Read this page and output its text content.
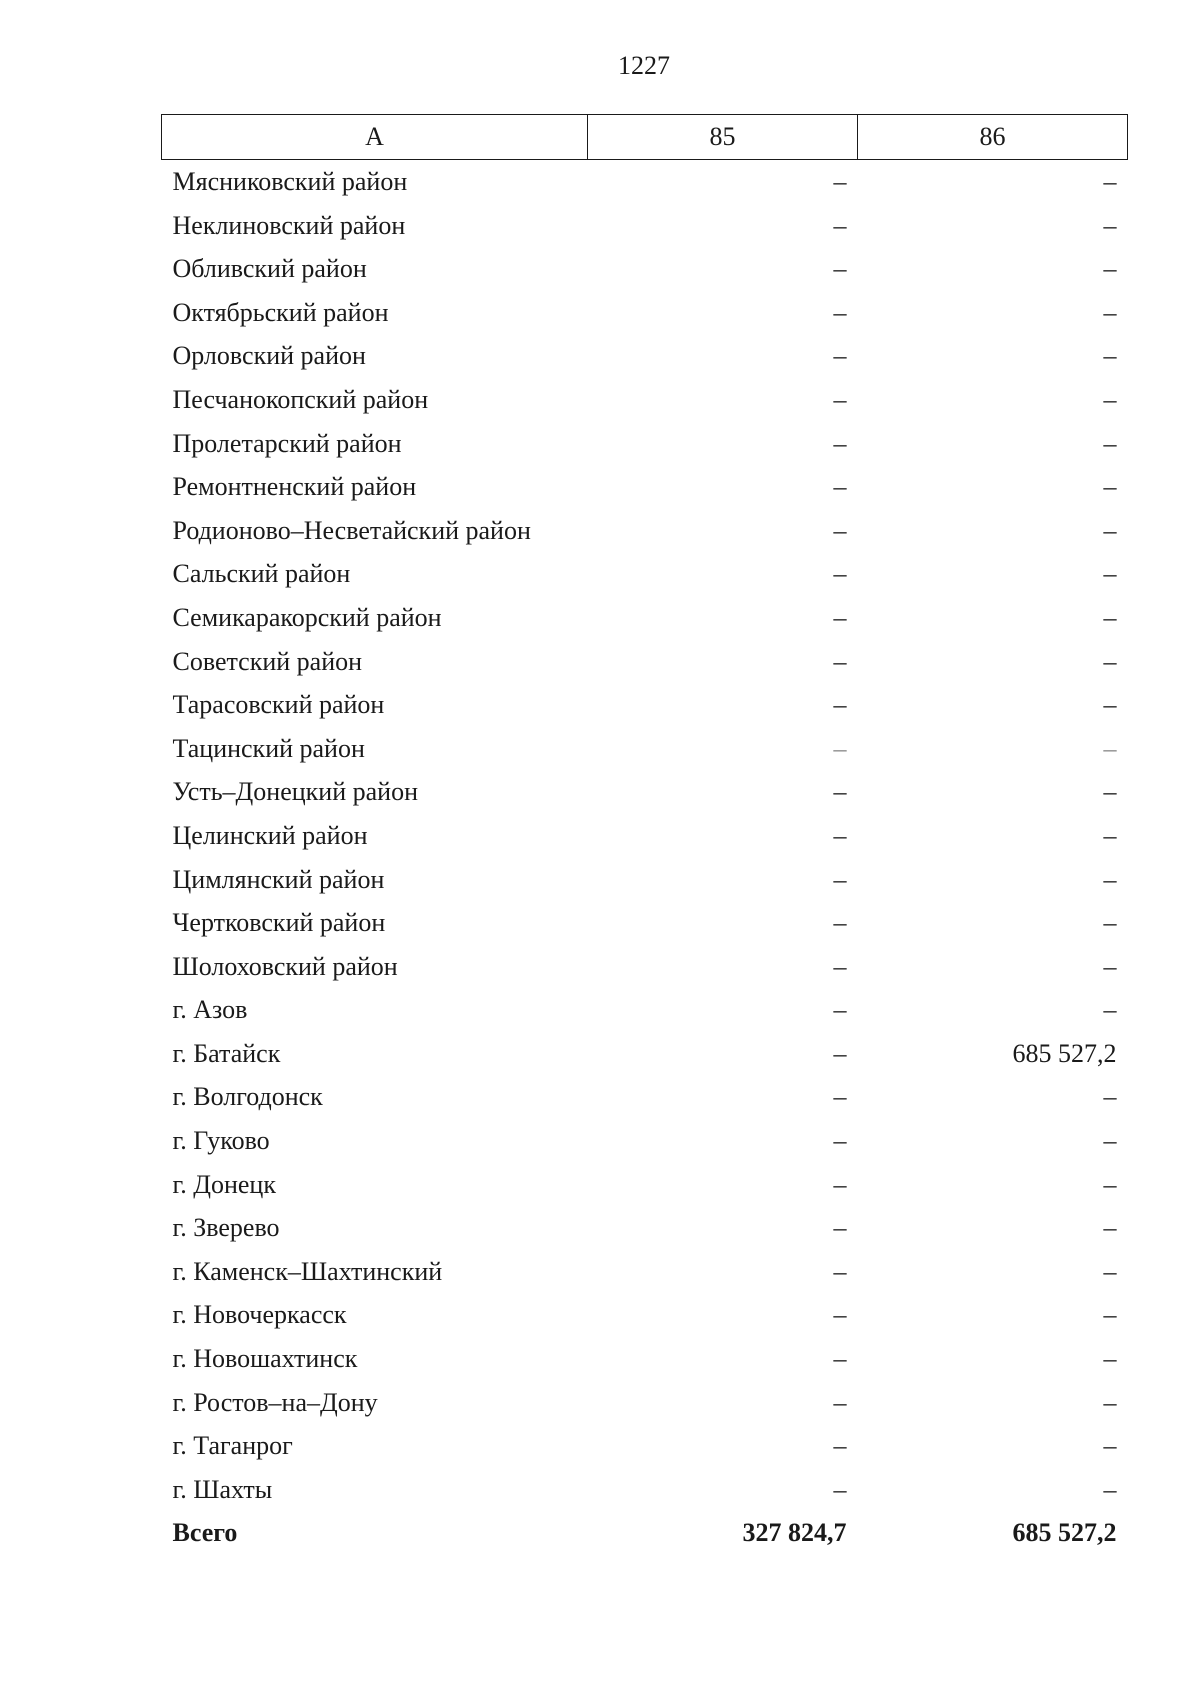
1227
А	85	86
Мясниковский район	–	–
Неклиновский район	–	–
Обливский район	–	–
Октябрьский район	–	–
Орловский район	–	–
Песчанокопский район	–	–
Пролетарский район	–	–
Ремонтненский район	–	–
Родионово–Несветайский район	–	–
Сальский район	–	–
Семикаракорский район	–	–
Советский район	–	–
Тарасовский район	–	–
Тацинский район	–	–
Усть–Донецкий район	–	–
Целинский район	–	–
Цимлянский район	–	–
Чертковский район	–	–
Шолоховский район	–	–
г. Азов	–	–
г. Батайск	–	685 527,2
г. Волгодонск	–	–
г. Гуково	–	–
г. Донецк	–	–
г. Зверево	–	–
г. Каменск–Шахтинский	–	–
г. Новочеркасск	–	–
г. Новошахтинск	–	–
г. Ростов–на–Дону	–	–
г. Таганрог	–	–
г. Шахты	–	–
Всего	327 824,7	685 527,2
